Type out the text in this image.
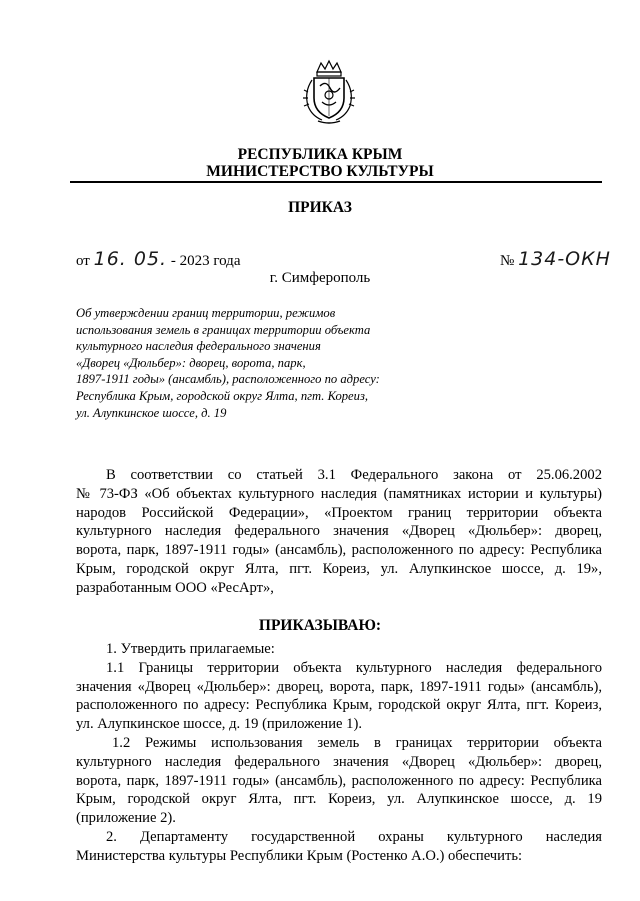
РЕСПУБЛИКА КРЫМ
МИНИСТЕРСТВО КУЛЬТУРЫ
ПРИКАЗ
от 16. 05. - 2023 года	№ 134-ОКН
г. Симферополь
Об утверждении границ территории, режимов
использования земель в границах территории объекта
культурного наследия федерального значения
«Дворец «Дюльбер»: дворец, ворота, парк,
1897-1911 годы» (ансамбль), расположенного по адресу:
Республика Крым, городской округ Ялта, пгт. Кореиз,
ул. Алупкинское шоссе, д. 19
В соответствии со статьей 3.1 Федерального закона от 25.06.2002
№ 73-ФЗ «Об объектах культурного наследия (памятниках истории и культуры)
народов Российской Федерации», «Проектом границ территории объекта
культурного наследия федерального значения «Дворец «Дюльбер»: дворец,
ворота, парк, 1897-1911 годы» (ансамбль), расположенного по адресу: Республика
Крым, городской округ Ялта, пгт. Кореиз, ул. Алупкинское шоссе, д. 19»,
разработанным ООО «РесАрт»,
ПРИКАЗЫВАЮ:
1. Утвердить прилагаемые:
1.1 Границы территории объекта культурного наследия федерального
значения «Дворец «Дюльбер»: дворец, ворота, парк, 1897-1911 годы» (ансамбль),
расположенного по адресу: Республика Крым, городской округ Ялта, пгт. Кореиз,
ул. Алупкинское шоссе, д. 19 (приложение 1).
1.2 Режимы использования земель в границах территории объекта
культурного наследия федерального значения «Дворец «Дюльбер»: дворец,
ворота, парк, 1897-1911 годы» (ансамбль), расположенного по адресу: Республика
Крым, городской округ Ялта, пгт. Кореиз, ул. Алупкинское шоссе, д. 19
(приложение 2).
2. Департаменту государственной охраны культурного наследия
Министерства культуры Республики Крым (Ростенко А.О.) обеспечить:
